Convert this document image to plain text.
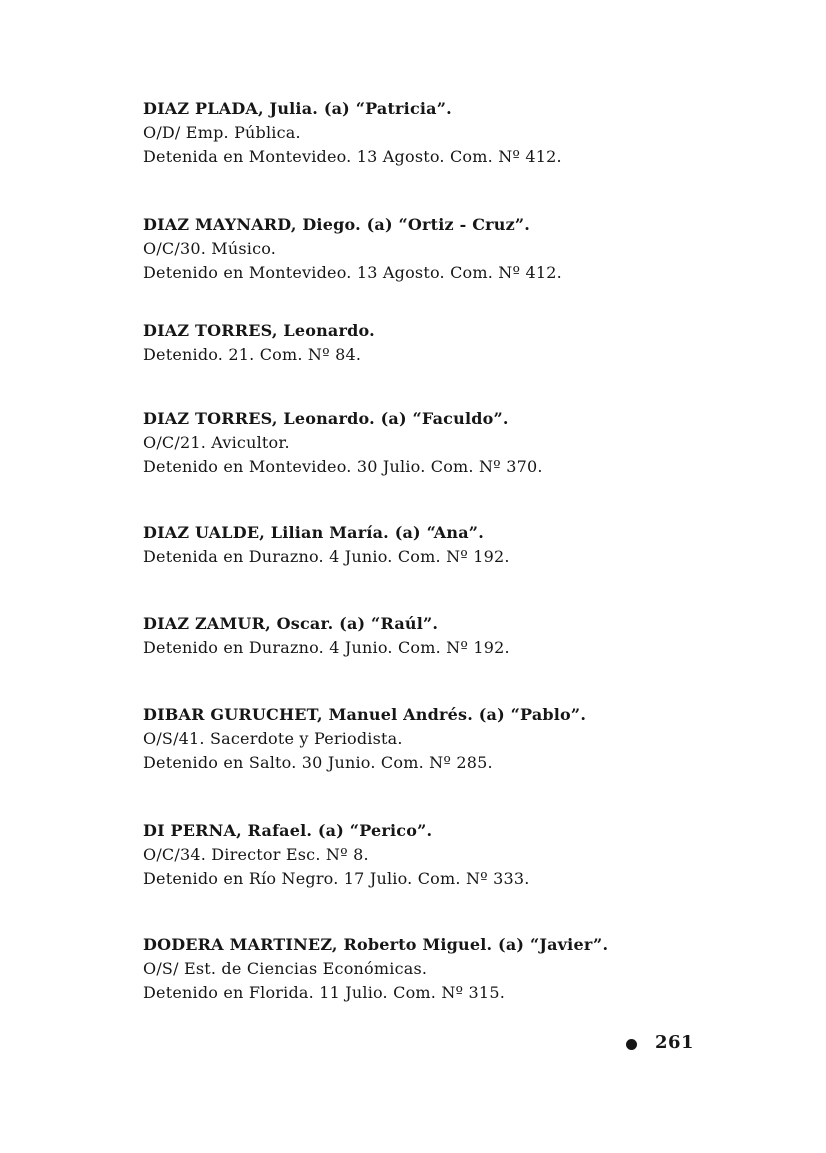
DIAZ PLADA, Julia. (a) “Patricia”.
O/D/ Emp. Pública.
Detenida en Montevideo. 13 Agosto. Com. Nº 412.
DIAZ MAYNARD, Diego. (a) “Ortiz - Cruz”.
O/C/30. Músico.
Detenido en Montevideo. 13 Agosto. Com. Nº 412.
DIAZ TORRES, Leonardo.
Detenido. 21. Com. Nº 84.
DIAZ TORRES, Leonardo. (a) “Faculdo”.
O/C/21. Avicultor.
Detenido en Montevideo. 30 Julio. Com. Nº 370.
DIAZ UALDE, Lilian María. (a) “Ana”.
Detenida en Durazno. 4 Junio. Com. Nº 192.
DIAZ ZAMUR, Oscar. (a) “Raúl”.
Detenido en Durazno. 4 Junio. Com. Nº 192.
DIBAR GURUCHET, Manuel Andrés. (a) “Pablo”.
O/S/41. Sacerdote y Periodista.
Detenido en Salto. 30 Junio. Com. Nº 285.
DI PERNA, Rafael. (a) “Perico”.
O/C/34. Director Esc. Nº 8.
Detenido en Río Negro. 17 Julio. Com. Nº 333.
DODERA MARTINEZ, Roberto Miguel. (a) “Javier”.
O/S/ Est. de Ciencias Económicas.
Detenido en Florida. 11 Julio. Com. Nº 315.
261
